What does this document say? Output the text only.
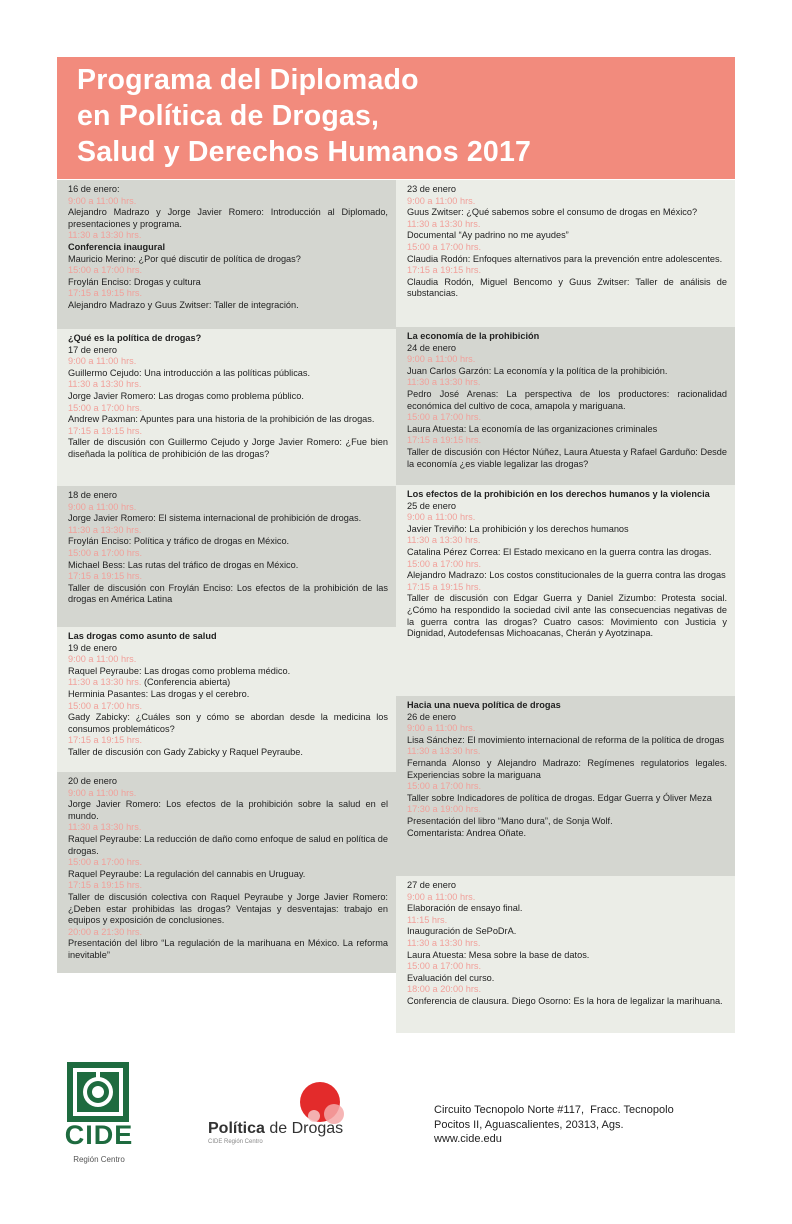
Programa del Diplomado
en Política de Drogas,
Salud y Derechos Humanos 2017

16 de enero:

9:00 a 11:00 hrs.

Alejandro Madrazo y Jorge Javier Romero: Introducción al Diplomado, presentaciones y programa.

11:30 a 13:30 hrs.

Conferencia inaugural

Mauricio Merino: ¿Por qué discutir de política de drogas?

15:00 a 17:00 hrs.

Froylán Enciso: Drogas y cultura

17:15 a 19:15 hrs.

Alejandro Madrazo y Guus Zwitser: Taller de integración.

¿Qué es la política de drogas?

17 de enero

9:00 a 11:00 hrs.

Guillermo Cejudo: Una introducción a las políticas públicas.

11:30 a 13:30 hrs.

Jorge Javier Romero: Las drogas como problema público.

15:00 a 17:00 hrs.

Andrew Paxman: Apuntes para una historia de la prohibición de las drogas.

17:15 a 19:15 hrs.

Taller de discusión con Guillermo Cejudo y Jorge Javier Romero: ¿Fue bien diseñada la política de prohibición de las drogas?

18 de enero

9:00 a 11:00 hrs.

Jorge Javier Romero: El sistema internacional de prohibición de drogas.

11:30 a 13:30 hrs.

Froylán Enciso: Política y tráfico de drogas en México.

15:00 a 17:00 hrs.

Michael Bess: Las rutas del tráfico de drogas en México.

17:15 a 19:15 hrs.

Taller de discusión con Froylán Enciso: Los efectos de la prohibición de las drogas en América Latina

Las drogas como asunto de salud

19 de enero

9:00 a 11:00 hrs.

Raquel Peyraube: Las drogas como problema médico.

11:30 a 13:30 hrs. (Conferencia abierta)

Herminia Pasantes: Las drogas y el cerebro.

15:00 a 17:00 hrs.

Gady Zabicky: ¿Cuáles son y cómo se abordan desde la medicina los consumos problemáticos?

17:15 a 19:15 hrs.

Taller de discusión con Gady Zabicky y Raquel Peyraube.

20 de enero

9:00 a 11:00 hrs.

Jorge Javier Romero: Los efectos de la prohibición sobre la salud en el mundo.

11:30 a 13:30 hrs.

Raquel Peyraube: La reducción de daño como enfoque de salud en política de drogas.

15:00 a 17:00 hrs.

Raquel Peyraube: La regulación del cannabis en Uruguay.

17:15 a 19:15 hrs.

Taller de discusión colectiva con Raquel Peyraube y Jorge Javier Romero: ¿Deben estar prohibidas las drogas? Ventajas y desventajas: trabajo en equipos y exposición de conclusiones.

20:00 a 21:30 hrs.

Presentación del libro “La regulación de la marihuana en México. La reforma inevitable”

23 de enero

9:00 a 11:00 hrs.

Guus Zwitser: ¿Qué sabemos sobre el consumo de drogas en México?

11:30 a 13:30 hrs.

Documental “Ay padrino no me ayudes”

15:00 a 17:00 hrs.

Claudia Rodón: Enfoques alternativos para la prevención entre adolescentes.

17:15 a 19:15 hrs.

Claudia Rodón, Miguel Bencomo y Guus Zwitser: Taller de análisis de substancias.

La economía de la prohibición

24 de enero

9:00 a 11:00 hrs.

Juan Carlos Garzón: La economía y la política de la prohibición.

11:30 a 13:30 hrs.

Pedro José Arenas: La perspectiva de los productores: racionalidad económica del cultivo de coca, amapola y mariguana.

15:00 a 17:00 hrs.

Laura Atuesta: La economía de las organizaciones criminales

17:15 a 19:15 hrs.

Taller de discusión con Héctor Núñez, Laura Atuesta y Rafael Garduño: Desde la economía ¿es viable legalizar las drogas?

Los efectos de la prohibición en los derechos humanos y la violencia

25 de enero

9:00 a 11:00 hrs.

Javier Treviño: La prohibición y los derechos humanos

11:30 a 13:30 hrs.

Catalina Pérez Correa: El Estado mexicano en la guerra contra las drogas.

15:00 a 17:00 hrs.

Alejandro Madrazo: Los costos constitucionales de la guerra contra las drogas

17:15 a 19:15 hrs.

Taller de discusión con Edgar Guerra y Daniel Zizumbo: Protesta social. ¿Cómo ha respondido la sociedad civil ante las consecuencias negativas de la guerra contra las drogas? Cuatro casos: Movimiento con Justicia y Dignidad, Autodefensas Michoacanas, Cherán y Ayotzinapa.

Hacia una nueva política de drogas

26 de enero

9:00 a 11:00 hrs.

Lisa Sánchez: El movimiento internacional de reforma de la política de drogas

11:30 a 13:30 hrs.

Fernanda Alonso y Alejandro Madrazo: Regímenes regulatorios legales. Experiencias sobre la mariguana

15:00 a 17:00 hrs.

Taller sobre Indicadores de política de drogas. Edgar Guerra y Óliver Meza

17:30 a 19:00 hrs.

Presentación del libro “Mano dura”, de Sonja Wolf.

Comentarista: Andrea Oñate.

27 de enero

9:00 a 11:00 hrs.

Elaboración de ensayo final.

11:15 hrs.

Inauguración de SePoDrA.

11:30 a 13:30 hrs.

Laura Atuesta: Mesa sobre la base de datos.

15:00 a 17:00 hrs.

Evaluación del curso.

18:00 a 20:00 hrs.

Conferencia de clausura. Diego Osorno: Es la hora de legalizar la marihuana.

CIDE
Región Centro
Política de Drogas
CIDE Región Centro

Circuito Tecnopolo Norte #117,  Fracc. Tecnopolo

Pocitos II, Aguascalientes, 20313, Ags.

www.cide.edu
